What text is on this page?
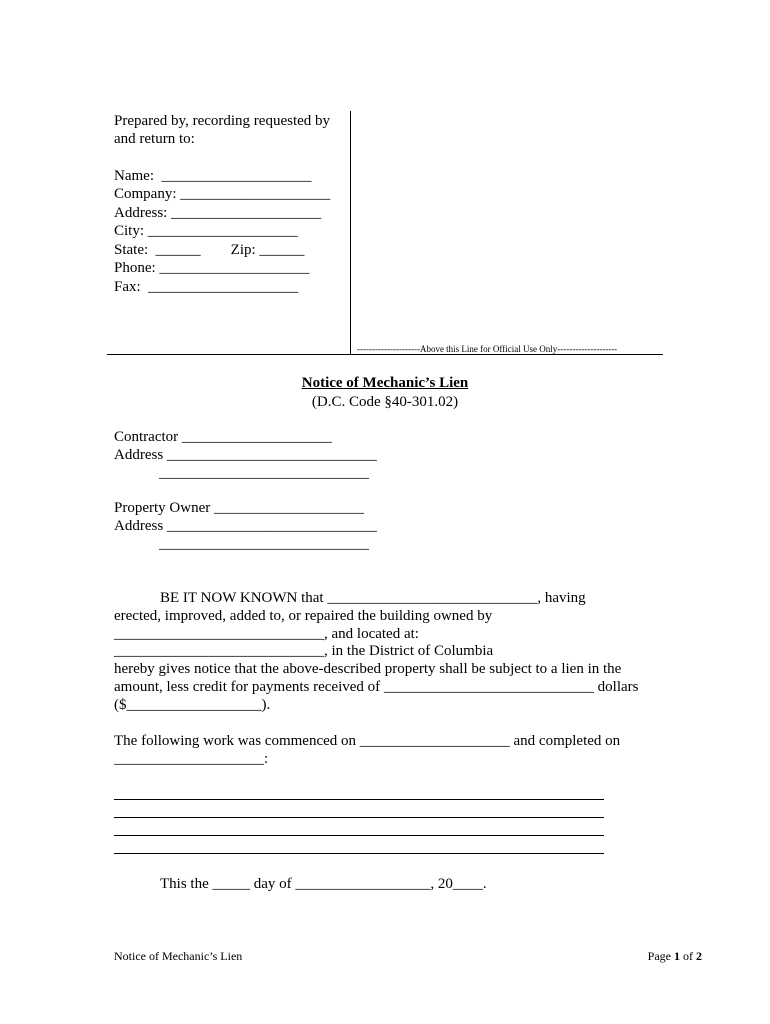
Prepared by, recording requested by
and return to:
Name:  ____________________
Company: ____________________
Address: ____________________
City: ____________________
State:  ______        Zip: ______
Phone: ____________________
Fax:  ____________________
---------------------Above this Line for Official Use Only--------------------
Notice of Mechanic’s Lien
(D.C. Code §40-301.02)
Contractor ____________________
Address ____________________________
____________________________
Property Owner ____________________
Address ____________________________
____________________________
BE IT NOW KNOWN that ____________________________, having
erected, improved, added to, or repaired the building owned by
____________________________, and located at:
____________________________, in the District of Columbia
hereby gives notice that the above-described property shall be subject to a lien in the
amount, less credit for payments received of ____________________________ dollars
($__________________).
The following work was commenced on ____________________ and completed on
____________________:
This the _____ day of __________________, 20____.
Notice of Mechanic’s Lien	Page 1 of 2
